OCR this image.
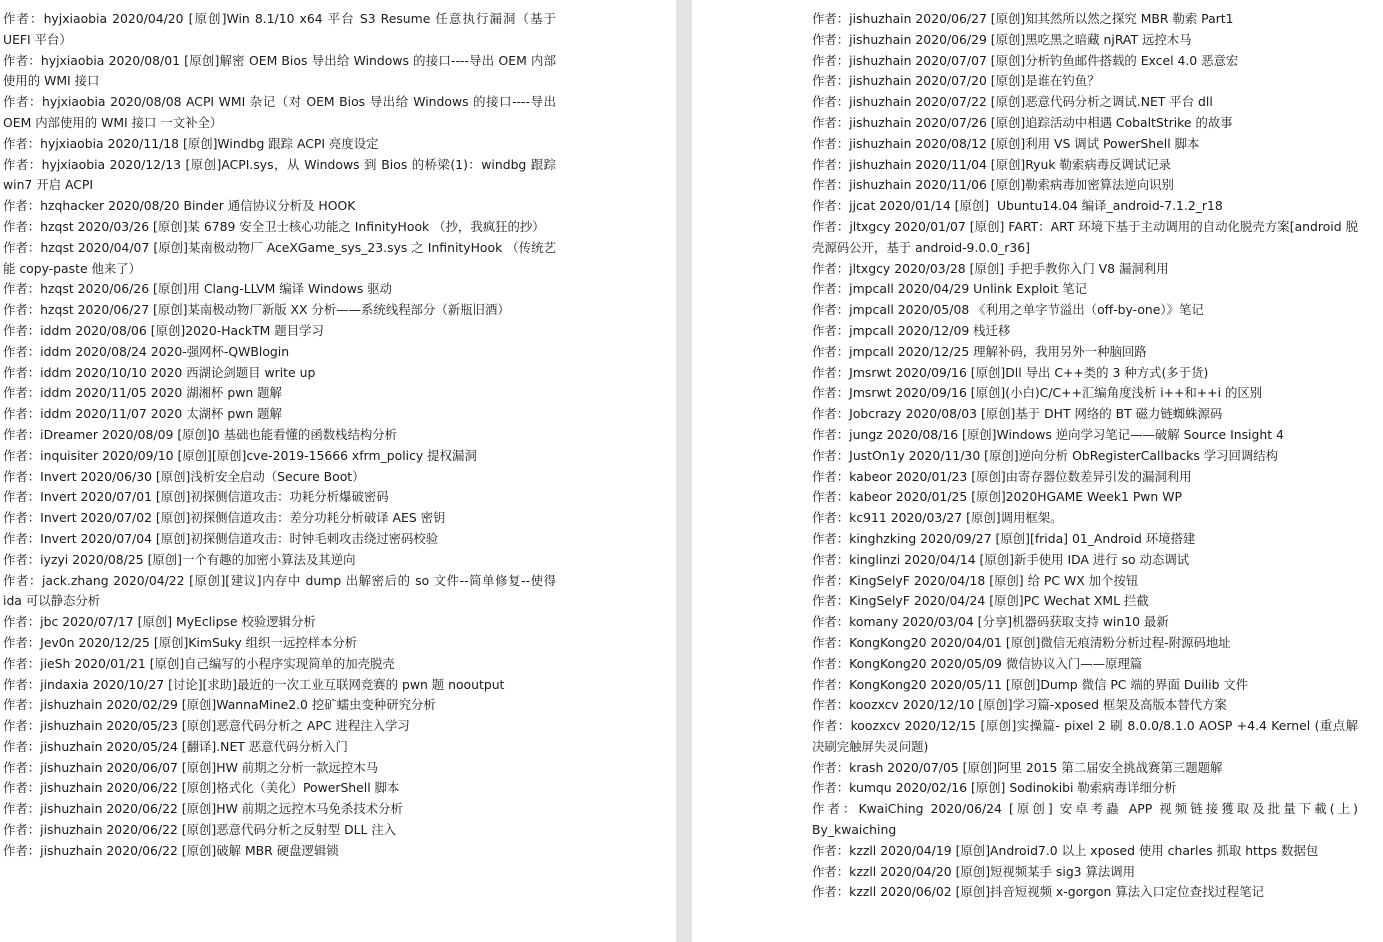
作者：hyjxiaobia 2020/04/20 [原创]Win 8.1/10 x64 平台 S3 Resume 任意执行漏洞（基于 UEFI 平台）

作者：hyjxiaobia 2020/08/01 [原创]解密 OEM Bios 导出给 Windows 的接口----导出 OEM 内部使用的 WMI 接口

作者：hyjxiaobia 2020/08/08 ACPI WMI 杂记（对 OEM Bios 导出给 Windows 的接口----导出 OEM 内部使用的 WMI 接口 一文补全）

作者：hyjxiaobia 2020/11/18 [原创]Windbg 跟踪 ACPI 亮度设定

作者：hyjxiaobia 2020/12/13 [原创]ACPI.sys，从 Windows 到 Bios 的桥梁(1)：windbg 跟踪 win7 开启 ACPI

作者：hzqhacker 2020/08/20 Binder 通信协议分析及 HOOK

作者：hzqst 2020/03/26 [原创]某 6789 安全卫士核心功能之 InfinityHook （抄，我疯狂的抄）

作者：hzqst 2020/04/07 [原创]某南极动物厂 AceXGame_sys_23.sys 之 InfinityHook （传统艺能 copy-paste 他来了）

作者：hzqst 2020/06/26 [原创]用 Clang-LLVM 编译 Windows 驱动

作者：hzqst 2020/06/27 [原创]某南极动物厂新版 XX 分析——系统线程部分（新瓶旧酒）

作者：iddm 2020/08/06 [原创]2020-HackTM 题目学习

作者：iddm 2020/08/24 2020-强网杯-QWBlogin

作者：iddm 2020/10/10 2020 西湖论剑题目 write up

作者：iddm 2020/11/05 2020 湖湘杯 pwn 题解

作者：iddm 2020/11/07 2020 太湖杯 pwn 题解

作者：iDreamer 2020/08/09 [原创]0 基础也能看懂的函数栈结构分析

作者：inquisiter 2020/09/10 [原创][原创]cve-2019-15666 xfrm_policy 提权漏洞

作者：Invert 2020/06/30 [原创]浅析安全启动（Secure Boot）

作者：Invert 2020/07/01 [原创]初探侧信道攻击：功耗分析爆破密码

作者：Invert 2020/07/02 [原创]初探侧信道攻击：差分功耗分析破译 AES 密钥

作者：Invert 2020/07/04 [原创]初探侧信道攻击：时钟毛刺攻击绕过密码校验

作者：iyzyi 2020/08/25 [原创]一个有趣的加密小算法及其逆向

作者：jack.zhang 2020/04/22 [原创][建议]内存中 dump 出解密后的 so 文件--简单修复--使得 ida 可以静态分析

作者：jbc 2020/07/17 [原创] MyEclipse 校验逻辑分析

作者：Jev0n 2020/12/25 [原创]KimSuky 组织一远控样本分析

作者：jieSh 2020/01/21 [原创]自己编写的小程序实现简单的加壳脱壳

作者：jindaxia 2020/10/27 [讨论][求助]最近的一次工业互联网竞赛的 pwn 题 nooutput

作者：jishuzhain 2020/02/29 [原创]WannaMine2.0 挖矿蠕虫变种研究分析

作者：jishuzhain 2020/05/23 [原创]恶意代码分析之 APC 进程注入学习

作者：jishuzhain 2020/05/24 [翻译].NET 恶意代码分析入门

作者：jishuzhain 2020/06/07 [原创]HW 前期之分析一款远控木马

作者：jishuzhain 2020/06/22 [原创]格式化（美化）PowerShell 脚本

作者：jishuzhain 2020/06/22 [原创]HW 前期之远控木马免杀技术分析

作者：jishuzhain 2020/06/22 [原创]恶意代码分析之反射型 DLL 注入

作者：jishuzhain 2020/06/22 [原创]破解 MBR 硬盘逻辑锁

作者：jishuzhain 2020/06/27 [原创]知其然所以然之探究 MBR 勒索 Part1

作者：jishuzhain 2020/06/29 [原创]黑吃黑之暗藏 njRAT 远控木马

作者：jishuzhain 2020/07/07 [原创]分析钓鱼邮件搭载的 Excel 4.0 恶意宏

作者：jishuzhain 2020/07/20 [原创]是谁在钓鱼？

作者：jishuzhain 2020/07/22 [原创]恶意代码分析之调试.NET 平台 dll

作者：jishuzhain 2020/07/26 [原创]追踪活动中相遇 CobaltStrike 的故事

作者：jishuzhain 2020/08/12 [原创]利用 VS 调试 PowerShell 脚本

作者：jishuzhain 2020/11/04 [原创]Ryuk 勒索病毒反调试记录

作者：jishuzhain 2020/11/06 [原创]勒索病毒加密算法逆向识别

作者：jjcat 2020/01/14 [原创]  Ubuntu14.04 编译_android-7.1.2_r18

作者：jltxgcy 2020/01/07 [原创] FART：ART 环境下基于主动调用的自动化脱壳方案[android 脱壳源码公开，基于 android-9.0.0_r36]

作者：jltxgcy 2020/03/28 [原创] 手把手教你入门 V8 漏洞利用

作者：jmpcall 2020/04/29 Unlink Exploit 笔记

作者：jmpcall 2020/05/08 《利用之单字节溢出（off-by-one）》笔记

作者：jmpcall 2020/12/09 栈迁移

作者：jmpcall 2020/12/25 理解补码，我用另外一种脑回路

作者：Jmsrwt 2020/09/16 [原创]Dll 导出 C++类的 3 种方式(多于货)

作者：Jmsrwt 2020/09/16 [原创](小白)C/C++汇编角度浅析 i++和++i 的区别

作者：Jobcrazy 2020/08/03 [原创]基于 DHT 网络的 BT 磁力链蜘蛛源码

作者：jungz 2020/08/16 [原创]Windows 逆向学习笔记——破解 Source Insight 4

作者：JustOn1y 2020/11/30 [原创]逆向分析 ObRegisterCallbacks 学习回调结构

作者：kabeor 2020/01/23 [原创]由寄存器位数差异引发的漏洞利用

作者：kabeor 2020/01/25 [原创]2020HGAME Week1 Pwn WP

作者：kc911 2020/03/27 [原创]调用框架。

作者：kinghzking 2020/09/27 [原创][frida] 01_Android 环境搭建

作者：kinglinzi 2020/04/14 [原创]新手使用 IDA 进行 so 动态调试

作者：KingSelyF 2020/04/18 [原创] 给 PC WX 加个按钮

作者：KingSelyF 2020/04/24 [原创]PC Wechat XML 拦截

作者：komany 2020/03/04 [分享]机器码获取支持 win10 最新

作者：KongKong20 2020/04/01 [原创]微信无痕清粉分析过程-附源码地址

作者：KongKong20 2020/05/09 微信协议入门——原理篇

作者：KongKong20 2020/05/11 [原创]Dump 微信 PC 端的界面 Duilib 文件

作者：koozxcv 2020/12/10 [原创]学习篇-xposed 框架及高版本替代方案

作者：koozxcv 2020/12/15 [原创]实操篇- pixel 2 刷 8.0.0/8.1.0 AOSP +4.4 Kernel (重点解决刷完触屏失灵问题)

作者：krash 2020/07/05 [原创]阿里 2015 第二届安全挑战赛第三题题解

作者：kumqu 2020/02/16 [原创] Sodinokibi 勒索病毒详细分析

作者：KwaiChing 2020/06/24 [原创] 安卓考蟲 APP 视频链接獲取及批量下載(上) By_kwaiching

作者：kzzll 2020/04/19 [原创]Android7.0 以上 xposed 使用 charles 抓取 https 数据包

作者：kzzll 2020/04/20 [原创]短视频某手 sig3 算法调用

作者：kzzll 2020/06/02 [原创]抖音短视频 x-gorgon 算法入口定位查找过程笔记
